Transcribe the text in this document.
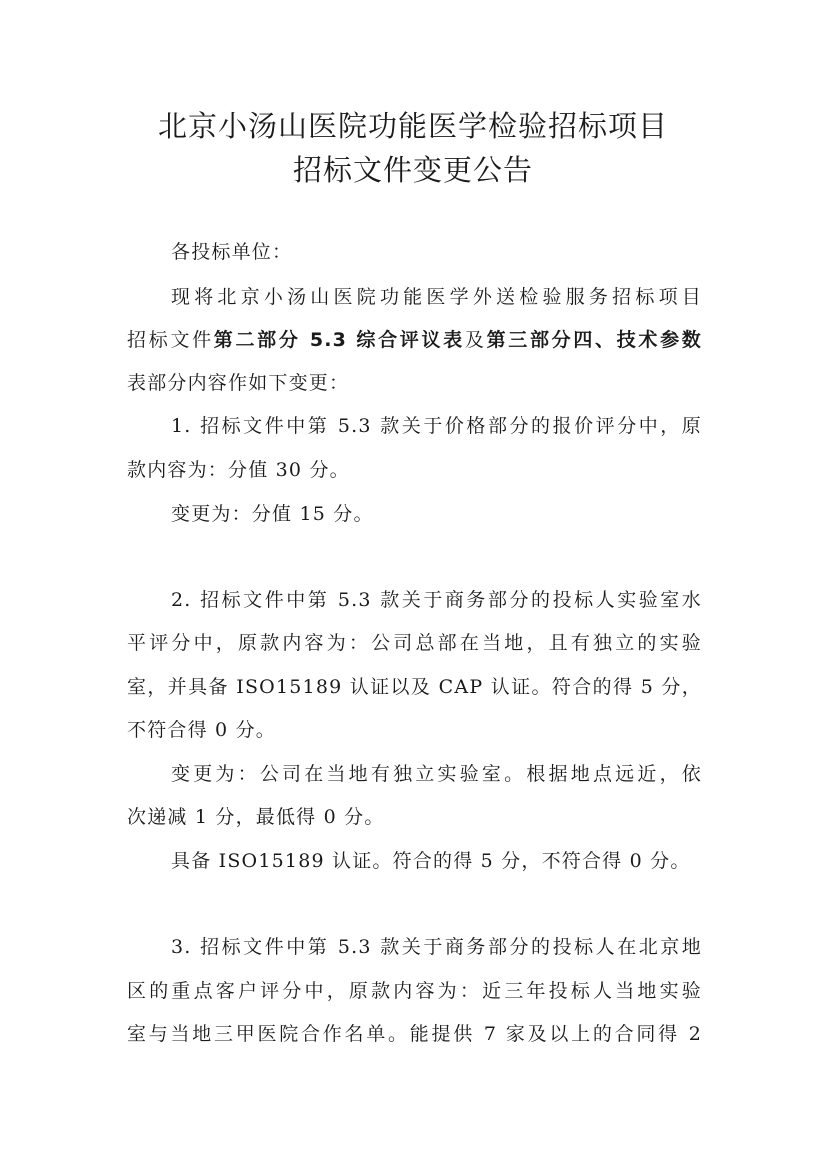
北京小汤山医院功能医学检验招标项目
招标文件变更公告

各投标单位：

现将北京小汤山医院功能医学外送检验服务招标项目

招标文件第二部分 5.3 综合评议表及第三部分四、技术参数

表部分内容作如下变更：

1. 招标文件中第 5.3 款关于价格部分的报价评分中，原

款内容为：分值 30 分。

变更为：分值 15 分。

2. 招标文件中第 5.3 款关于商务部分的投标人实验室水

平评分中，原款内容为：公司总部在当地，且有独立的实验

室，并具备 ISO15189 认证以及 CAP 认证。符合的得 5 分，

不符合得 0 分。

变更为：公司在当地有独立实验室。根据地点远近，依

次递减 1 分，最低得 0 分。

具备 ISO15189 认证。符合的得 5 分，不符合得 0 分。

3. 招标文件中第 5.3 款关于商务部分的投标人在北京地

区的重点客户评分中，原款内容为：近三年投标人当地实验

室与当地三甲医院合作名单。能提供 7 家及以上的合同得 2
